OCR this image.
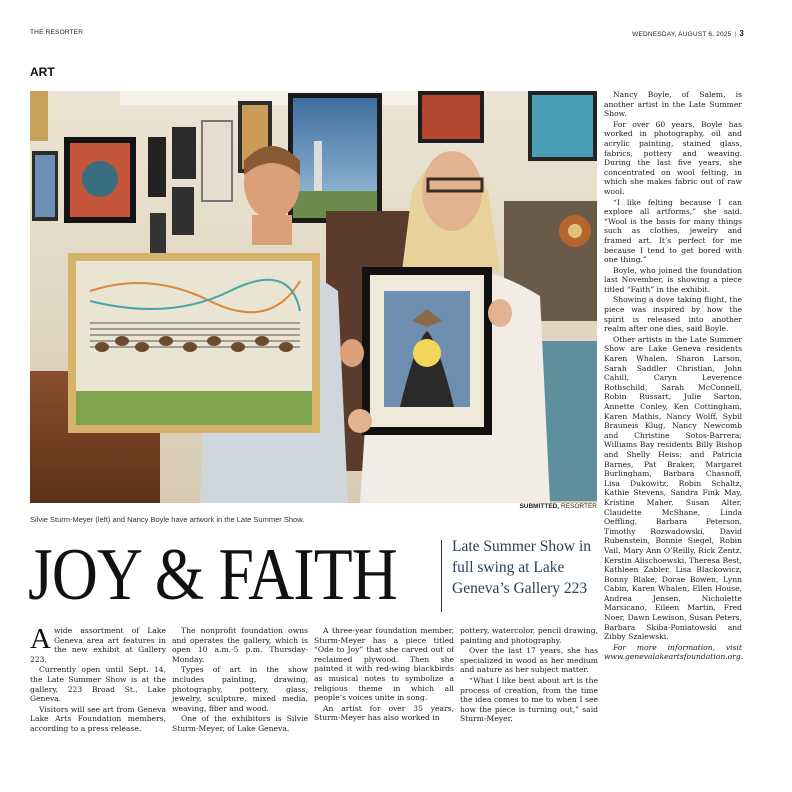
THE RESORTER	WEDNESDAY, AUGUST 6, 2025 | 3
ART
SUBMITTED, RESORTER
Silvie Sturm-Meyer (left) and Nancy Boyle have artwork in the Late Summer Show.
JOY & FAITH	Late Summer Show in full swing at Lake Geneva’s Gallery 223

Awide assortment of Lake Geneva area art features in the new exhibit at Gallery 223.

Currently open until Sept. 14, the Late Summer Show is at the gallery, 223 Broad St., Lake Geneva.

Visitors will see art from Geneva Lake Arts Foundation members, according to a press release.

The nonprofit foundation owns and operates the gallery, which is open 10 a.m.-5 p.m. Thursday-Monday.

Types of art in the show includes painting, drawing, photography, pottery, glass, jewelry, sculpture, mixed media, weaving, fiber and wood.

One of the exhibitors is Silvie Sturm-Meyer, of Lake Geneva.

A three-year foundation member, Sturm-Meyer has a piece titled “Ode to Joy” that she carved out of reclaimed plywood. Then she painted it with red-wing blackbirds as musical notes to symbolize a religious theme in which all people’s voices unite in song.

An artist for over 35 years, Sturm-Meyer has also worked in

pottery, watercolor, pencil drawing, painting and photography.

Over the last 17 years, she has specialized in wood as her medium and nature as her subject matter.

“What I like best about art is the process of creation, from the time the idea comes to me to when I see how the piece is turning out,” said Sturm-Meyer.

Nancy Boyle, of Salem, is another artist in the Late Summer Show.

For over 60 years, Boyle has worked in photography, oil and acrylic painting, stained glass, fabrics, pottery and weaving. During the last five years, she concentrated on wool felting, in which she makes fabric out of raw wool.

“I like felting because I can explore all artforms,” she said. “Wool is the basis for many things such as clothes, jewelry and framed art. It’s perfect for me because I tend to get bored with one thing.”

Boyle, who joined the foundation last November, is showing a piece titled “Faith” in the exhibit.

Showing a dove taking flight, the piece was inspired by how the spirit is released into another realm after one dies, said Boyle.

Other artists in the Late Summer Show are Lake Geneva residents Karen Whalen, Sharon Larson, Sarah Saddler Christian, John Cahill, Caryn Leverence Rothschild, Sarah McConnell, Robin Russart, Julie Sarton, Annette Conley, Ken Cottingham, Karen Mathis, Nancy Wolff, Sybil Brauneis Klug, Nancy Newcomb and Christine Sotos-Barrera; Williams Bay residents Billy Bishop and Shelly Heiss; and Patricia Barnes, Pat Braker, Margaret Burlingham, Barbara Chasnoff, Lisa Dukowitz, Robin Schaltz, Kathie Stevens, Sandra Fink May, Kristine Maher, Susan Alter, Claudette McShane, Linda Oeffling, Barbara Peterson, Timothy Rozwadowski, David Rubenstein, Bonnie Siegel, Robin Vail, Mary Ann O’Reilly, Rick Zentz, Kerstin Alischoewski, Theresa Best, Kathleen Zabler, Lisa Blackowicz, Bonny Blake, Dorae Bowen, Lynn Cabin, Karen Whalen, Ellen House, Andrea Jensen, Nicholette Marsicano, Eileen Martin, Fred Noer, Dawn Lewison, Susan Peters, Barbara Skiba-Poniatowski and Zibby Szalewski.

For more information, visit www.genevalakeartsfoundation.org.
